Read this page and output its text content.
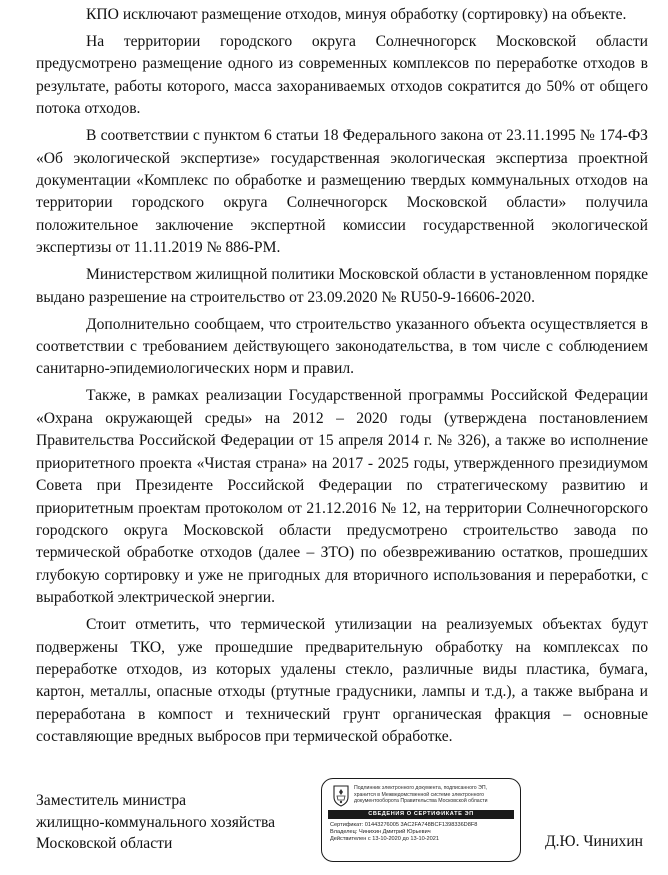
КПО исключают размещение отходов, минуя обработку (сортировку) на объекте.

На территории городского округа Солнечногорск Московской области предусмотрено размещение одного из современных комплексов по переработке отходов в результате, работы которого, масса захораниваемых отходов сократится до 50% от общего потока отходов.

В соответствии с пунктом 6 статьи 18 Федерального закона от 23.11.1995 № 174-ФЗ «Об экологической экспертизе» государственная экологическая экспертиза проектной документации «Комплекс по обработке и размещению твердых коммунальных отходов на территории городского округа Солнечногорск Московской области» получила положительное заключение экспертной комиссии государственной экологической экспертизы от 11.11.2019 № 886-РМ.

Министерством жилищной политики Московской области в установленном порядке выдано разрешение на строительство от 23.09.2020 № RU50-9-16606-2020.

Дополнительно сообщаем, что строительство указанного объекта осуществляется в соответствии с требованием действующего законодательства, в том числе с соблюдением санитарно-эпидемиологических норм и правил.

Также, в рамках реализации Государственной программы Российской Федерации «Охрана окружающей среды» на 2012 – 2020 годы (утверждена постановлением Правительства Российской Федерации от 15 апреля 2014 г. № 326), а также во исполнение приоритетного проекта «Чистая страна» на 2017 - 2025 годы, утвержденного президиумом Совета при Президенте Российской Федерации по стратегическому развитию и приоритетным проектам протоколом от 21.12.2016 № 12, на территории Солнечногорского городского округа Московской области предусмотрено строительство завода по термической обработке отходов (далее – ЗТО) по обезвреживанию остатков, прошедших глубокую сортировку и уже не пригодных для вторичного использования и переработки, с выработкой электрической энергии.

Стоит отметить, что термической утилизации на реализуемых объектах будут подвержены ТКО, уже прошедшие предварительную обработку на комплексах по переработке отходов, из которых удалены стекло, различные виды пластика, бумага, картон, металлы, опасные отходы (ртутные градусники, лампы и т.д.), а также выбрана и переработана в компост и технический грунт органическая фракция – основные составляющие вредных выбросов при термической обработке.

Заместитель министра
жилищно-коммунального хозяйства
Московской области
Подлинник электронного документа, подписанного ЭП,
хранится в Межведомственной системе электронного
документооборота Правительства Московской области
СВЕДЕНИЯ О СЕРТИФИКАТЕ ЭП
Сертификат: 01443276005 3AC2FA748BCF1398336D8F8
Владелец: Чинихин Дмитрий Юрьевич
Действителен с 13-10-2020 до 13-10-2021	Д.Ю. Чинихин
